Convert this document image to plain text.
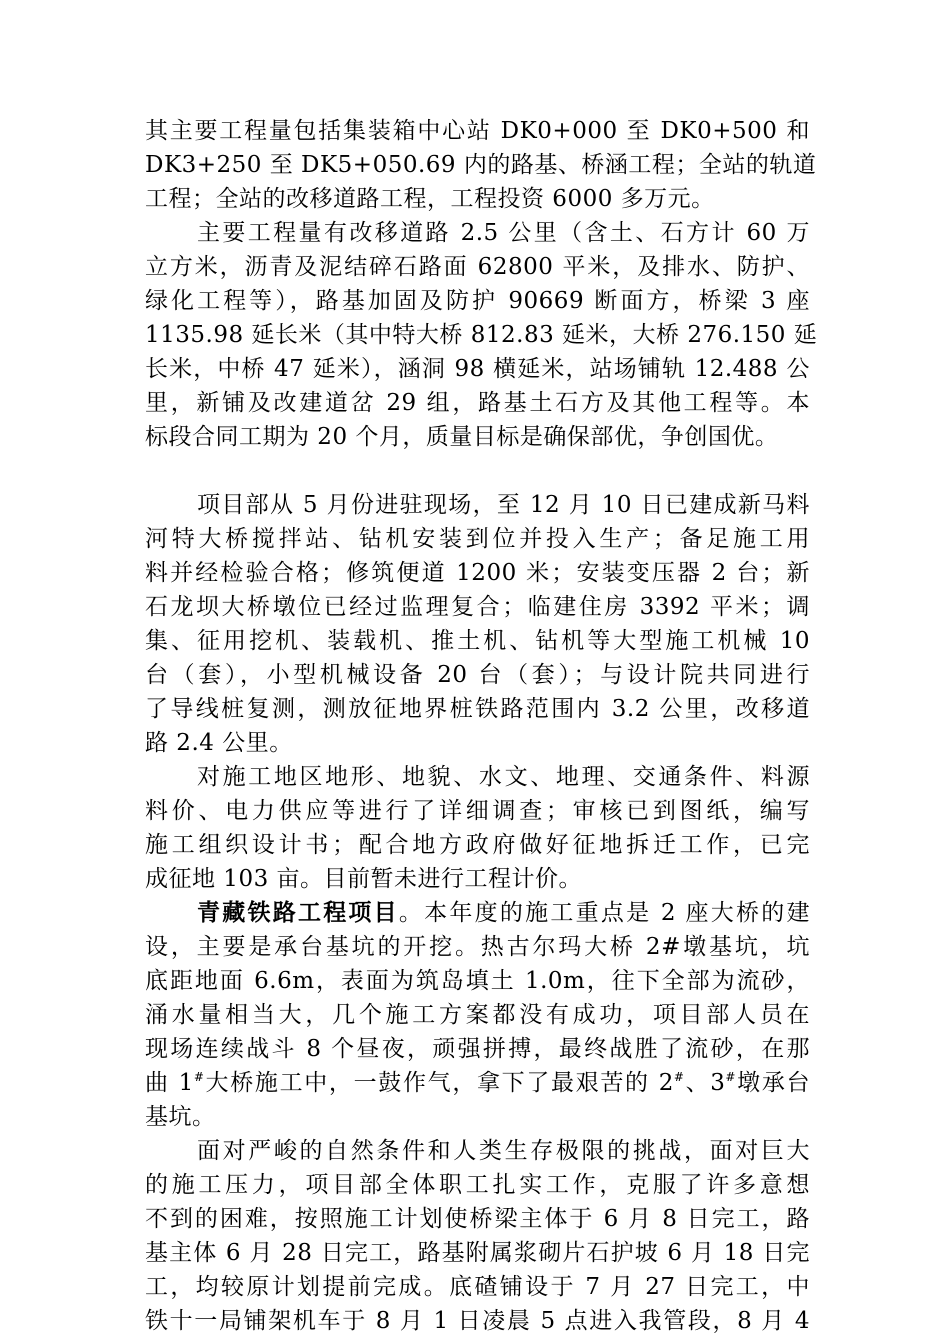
其主要工程量包括集装箱中心站 DK0+000 至 DK0+500 和
DK3+250 至 DK5+050.69 内的路基、桥涵工程；全站的轨道
工程；全站的改移道路工程，工程投资 6000 多万元。
主要工程量有改移道路 2.5 公里（含土、石方计 60 万
立方米，沥青及泥结碎石路面 62800 平米，及排水、防护、
绿化工程等），路基加固及防护 90669 断面方，桥梁 3 座
1135.98 延长米（其中特大桥 812.83 延米，大桥 276.150 延
长米，中桥 47 延米），涵洞 98 横延米，站场铺轨 12.488 公
里，新铺及改建道岔 29 组，路基土石方及其他工程等。本
标段合同工期为 20 个月，质量目标是确保部优，争创国优。
项目部从 5 月份进驻现场，至 12 月 10 日已建成新马料
河特大桥搅拌站、钻机安装到位并投入生产；备足施工用
料并经检验合格；修筑便道 1200 米；安装变压器 2 台；新
石龙坝大桥墩位已经过监理复合；临建住房 3392 平米；调
集、征用挖机、装载机、推土机、钻机等大型施工机械 10
台（套），小型机械设备 20 台（套）；与设计院共同进行
了导线桩复测，测放征地界桩铁路范围内 3.2 公里，改移道
路 2.4 公里。
对施工地区地形、地貌、水文、地理、交通条件、料源
料价、电力供应等进行了详细调查；审核已到图纸，编写
施工组织设计书；配合地方政府做好征地拆迁工作，已完
成征地 103 亩。目前暂未进行工程计价。
青藏铁路工程项目。本年度的施工重点是 2 座大桥的建
设，主要是承台基坑的开挖。热古尔玛大桥 2#墩基坑，坑
底距地面 6.6m，表面为筑岛填土 1.0m，往下全部为流砂，
涌水量相当大，几个施工方案都没有成功，项目部人员在
现场连续战斗 8 个昼夜，顽强拼搏，最终战胜了流砂，在那
曲 1#大桥施工中，一鼓作气，拿下了最艰苦的 2#、3#墩承台
基坑。
面对严峻的自然条件和人类生存极限的挑战，面对巨大
的施工压力，项目部全体职工扎实工作，克服了许多意想
不到的困难，按照施工计划使桥梁主体于 6 月 8 日完工，路
基主体 6 月 28 日完工，路基附属浆砌片石护坡 6 月 18 日完
工，均较原计划提前完成。底碴铺设于 7 月 27 日完工，中
铁十一局铺架机车于 8 月 1 日凌晨 5 点进入我管段，8 月 4
